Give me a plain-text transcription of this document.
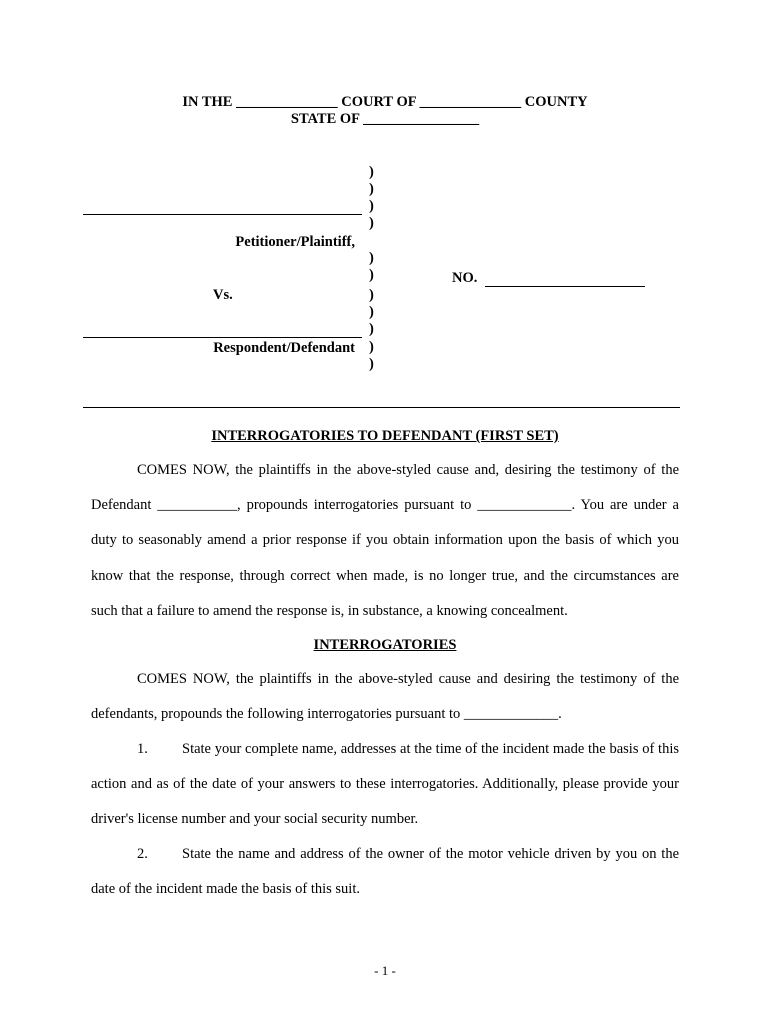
IN THE ______________ COURT OF ______________ COUNTY
STATE OF ________________
)
)
)
)
)
)
)
)
)
)
)
Petitioner/Plaintiff,
Vs.
NO.
Respondent/Defendant
INTERROGATORIES TO DEFENDANT (FIRST SET)
COMES NOW, the plaintiffs in the above-styled cause and, desiring the testimony of the Defendant ___________, propounds interrogatories pursuant to _____________. You are under a duty to seasonably amend a prior response if you obtain information upon the basis of which you know that the response, through correct when made, is no longer true, and the circumstances are such that a failure to amend the response is, in substance, a knowing concealment.
INTERROGATORIES
COMES NOW, the plaintiffs in the above-styled cause and desiring the testimony of the defendants, propounds the following interrogatories pursuant to _____________.
1. State your complete name, addresses at the time of the incident made the basis of this action and as of the date of your answers to these interrogatories. Additionally, please provide your driver's license number and your social security number.
2. State the name and address of the owner of the motor vehicle driven by you on the date of the incident made the basis of this suit.
- 1 -
